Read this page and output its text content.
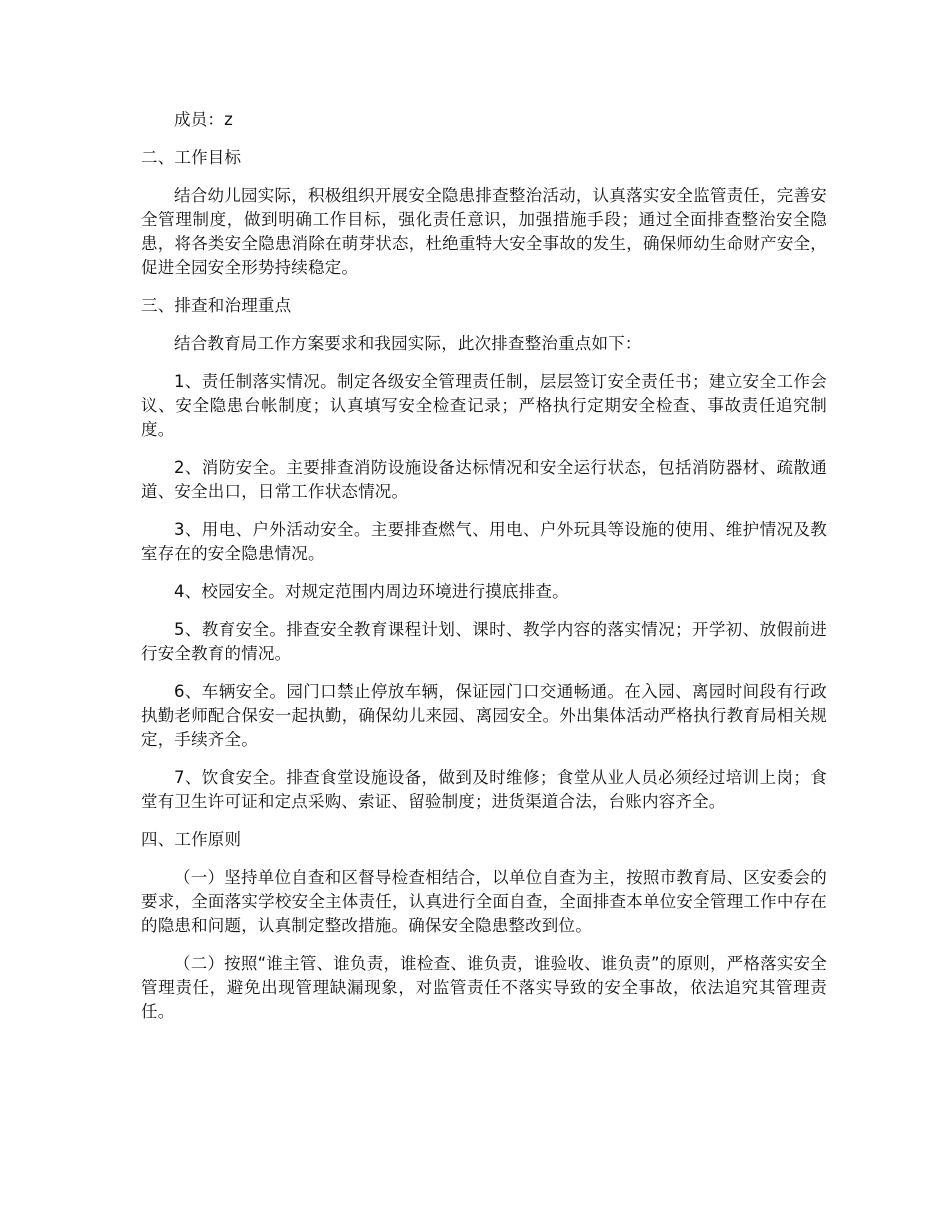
成员：z

二、工作目标

结合幼儿园实际，积极组织开展安全隐患排查整治活动，认真落实安全监管责任，完善安全管理制度，做到明确工作目标，强化责任意识，加强措施手段；通过全面排查整治安全隐患，将各类安全隐患消除在萌芽状态，杜绝重特大安全事故的发生，确保师幼生命财产安全，促进全园安全形势持续稳定。

三、排查和治理重点

结合教育局工作方案要求和我园实际，此次排查整治重点如下：

1、责任制落实情况。制定各级安全管理责任制，层层签订安全责任书；建立安全工作会议、安全隐患台帐制度；认真填写安全检查记录；严格执行定期安全检查、事故责任追究制度。

2、消防安全。主要排查消防设施设备达标情况和安全运行状态，包括消防器材、疏散通道、安全出口，日常工作状态情况。

3、用电、户外活动安全。主要排查燃气、用电、户外玩具等设施的使用、维护情况及教室存在的安全隐患情况。

4、校园安全。对规定范围内周边环境进行摸底排查。

5、教育安全。排查安全教育课程计划、课时、教学内容的落实情况；开学初、放假前进行安全教育的情况。

6、车辆安全。园门口禁止停放车辆，保证园门口交通畅通。在入园、离园时间段有行政执勤老师配合保安一起执勤，确保幼儿来园、离园安全。外出集体活动严格执行教育局相关规定，手续齐全。

7、饮食安全。排查食堂设施设备，做到及时维修；食堂从业人员必须经过培训上岗；食堂有卫生许可证和定点采购、索证、留验制度；进货渠道合法，台账内容齐全。

四、工作原则

（一）坚持单位自查和区督导检查相结合，以单位自查为主，按照市教育局、区安委会的要求，全面落实学校安全主体责任，认真进行全面自查，全面排查本单位安全管理工作中存在的隐患和问题，认真制定整改措施。确保安全隐患整改到位。

（二）按照“谁主管、谁负责，谁检查、谁负责，谁验收、谁负责”的原则，严格落实安全管理责任，避免出现管理缺漏现象，对监管责任不落实导致的安全事故，依法追究其管理责任。
